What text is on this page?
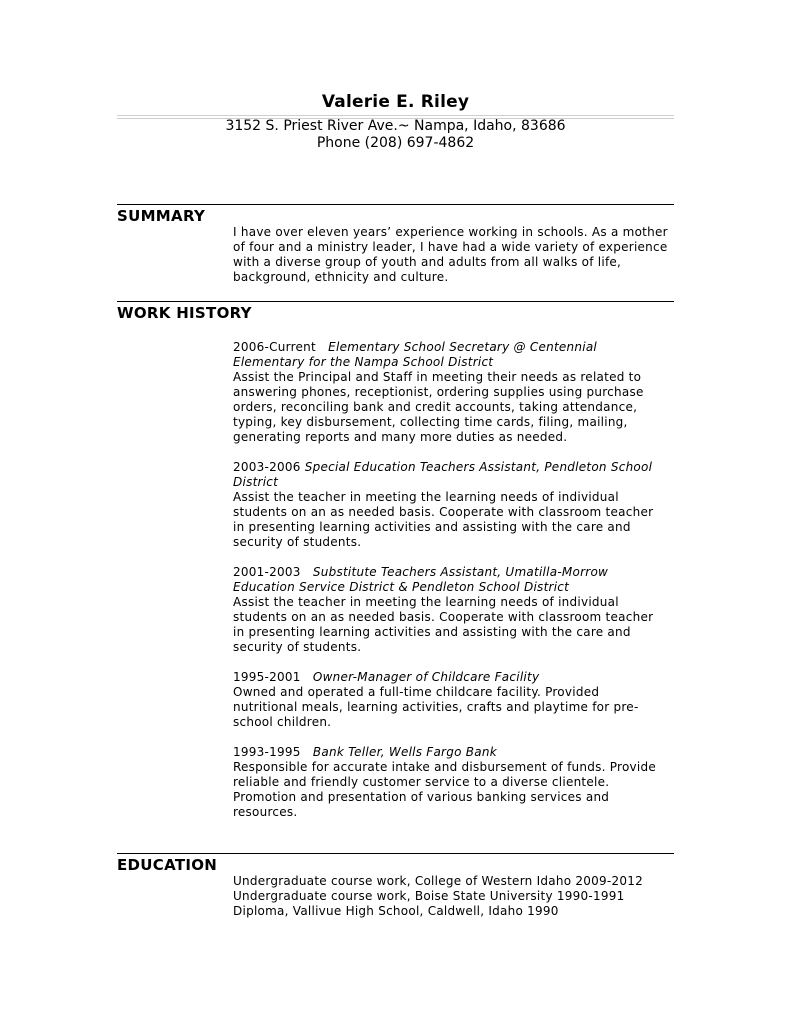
Valerie E. Riley
3152 S. Priest River Ave.~ Nampa, Idaho, 83686
Phone (208) 697-4862
SUMMARY
I have over eleven years’ experience working in schools. As a mother
of four and a ministry leader, I have had a wide variety of experience
with a diverse group of youth and adults from all walks of life,
background, ethnicity and culture.
WORK HISTORY
2006-Current Elementary School Secretary @ Centennial
Elementary for the Nampa School District
Assist the Principal and Staff in meeting their needs as related to
answering phones, receptionist, ordering supplies using purchase
orders, reconciling bank and credit accounts, taking attendance,
typing, key disbursement, collecting time cards, filing, mailing,
generating reports and many more duties as needed.
2003-2006 Special Education Teachers Assistant, Pendleton School
District
Assist the teacher in meeting the learning needs of individual
students on an as needed basis. Cooperate with classroom teacher
in presenting learning activities and assisting with the care and
security of students.
2001-2003 Substitute Teachers Assistant, Umatilla-Morrow
Education Service District & Pendleton School District
Assist the teacher in meeting the learning needs of individual
students on an as needed basis. Cooperate with classroom teacher
in presenting learning activities and assisting with the care and
security of students.
1995-2001 Owner-Manager of Childcare Facility
Owned and operated a full-time childcare facility. Provided
nutritional meals, learning activities, crafts and playtime for pre-
school children.
1993-1995 Bank Teller, Wells Fargo Bank
Responsible for accurate intake and disbursement of funds. Provide
reliable and friendly customer service to a diverse clientele.
Promotion and presentation of various banking services and
resources.
EDUCATION
Undergraduate course work, College of Western Idaho 2009-2012
Undergraduate course work, Boise State University 1990-1991
Diploma, Vallivue High School, Caldwell, Idaho 1990
